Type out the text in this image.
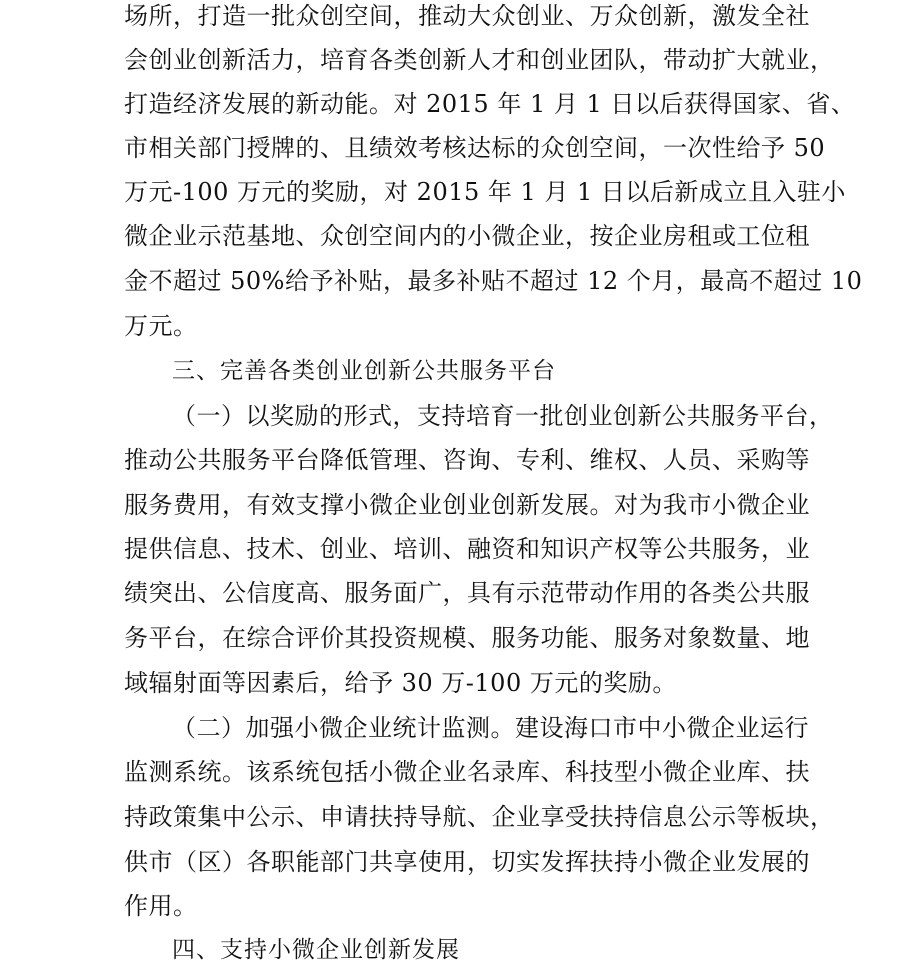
场所，打造一批众创空间，推动大众创业、万众创新，激发全社
会创业创新活力，培育各类创新人才和创业团队，带动扩大就业，
打造经济发展的新动能。对 2015 年 1 月 1 日以后获得国家、省、
市相关部门授牌的、且绩效考核达标的众创空间，一次性给予 50
万元-100 万元的奖励，对 2015 年 1 月 1 日以后新成立且入驻小
微企业示范基地、众创空间内的小微企业，按企业房租或工位租
金不超过 50%给予补贴，最多补贴不超过 12 个月，最高不超过 10
万元。
三、完善各类创业创新公共服务平台
（一）以奖励的形式，支持培育一批创业创新公共服务平台，
推动公共服务平台降低管理、咨询、专利、维权、人员、采购等
服务费用，有效支撑小微企业创业创新发展。对为我市小微企业
提供信息、技术、创业、培训、融资和知识产权等公共服务，业
绩突出、公信度高、服务面广，具有示范带动作用的各类公共服
务平台，在综合评价其投资规模、服务功能、服务对象数量、地
域辐射面等因素后，给予 30 万-100 万元的奖励。
（二）加强小微企业统计监测。建设海口市中小微企业运行
监测系统。该系统包括小微企业名录库、科技型小微企业库、扶
持政策集中公示、申请扶持导航、企业享受扶持信息公示等板块，
供市（区）各职能部门共享使用，切实发挥扶持小微企业发展的
作用。
四、支持小微企业创新发展
